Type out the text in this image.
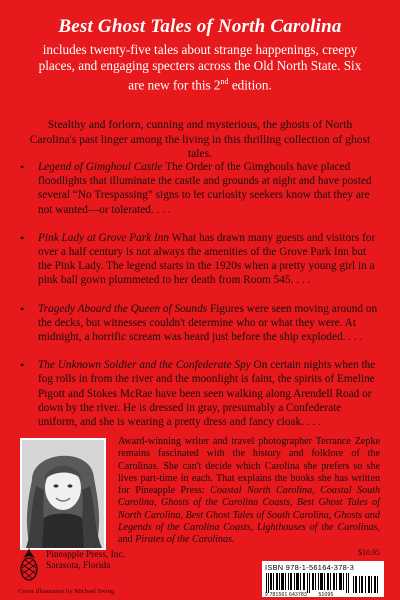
Best Ghost Tales of North Carolina
includes twenty-five tales about strange happenings, creepy places, and engaging specters across the Old North State. Six are new for this 2nd edition.
Stealthy and forlorn, cunning and mysterious, the ghosts of North Carolina's past linger among the living in this thrilling collection of ghost tales.
• Legend of Gimghoul Castle The Order of the Gimghouls have placed floodlights that illuminate the castle and grounds at night and have posted several “No Trespassing” signs to let curiosity seekers know that they are not wanted—or tolerated. . . .
• Pink Lady at Grove Park Inn What has drawn many guests and visitors for over a half century is not always the amenities of the Grove Park Inn but the Pink Lady. The legend starts in the 1920s when a pretty young girl in a pink ball gown plummeted to her death from Room 545. . . .
• Tragedy Aboard the Queen of Sounds Figures were seen moving around on the decks, but witnesses couldn't determine who or what they were. At midnight, a horrific scream was heard just before the ship exploded. . . .
• The Unknown Soldier and the Confederate Spy On certain nights when the fog rolls in from the river and the moonlight is faint, the spirits of Emeline Pigott and Stokes McRae have been seen walking along Arendell Road or down by the river. He is dressed in gray, presumably a Confederate uniform, and she is wearing a pretty dress and fancy cloak. . . .
Award-winning writer and travel photographer Terrance Zepke remains fascinated with the history and folklore of the Carolinas. She can't decide which Carolina she prefers so she lives part-time in each. That explains the books she has written for Pineapple Press: Coastal North Carolina, Coastal South Carolina, Ghosts of the Carolina Coasts, Best Ghost Tales of North Carolina, Best Ghost Tales of South Carolina, Ghosts and Legends of the Carolina Coasts, Lighthouses of the Carolinas, and Pirates of the Carolinas.
Pineapple Press, Inc.
Sarasota, Florida
Cover illustration by Michael Swing
$10.95
ISBN 978-1-56164-378-3
9 781561 643783 51095
